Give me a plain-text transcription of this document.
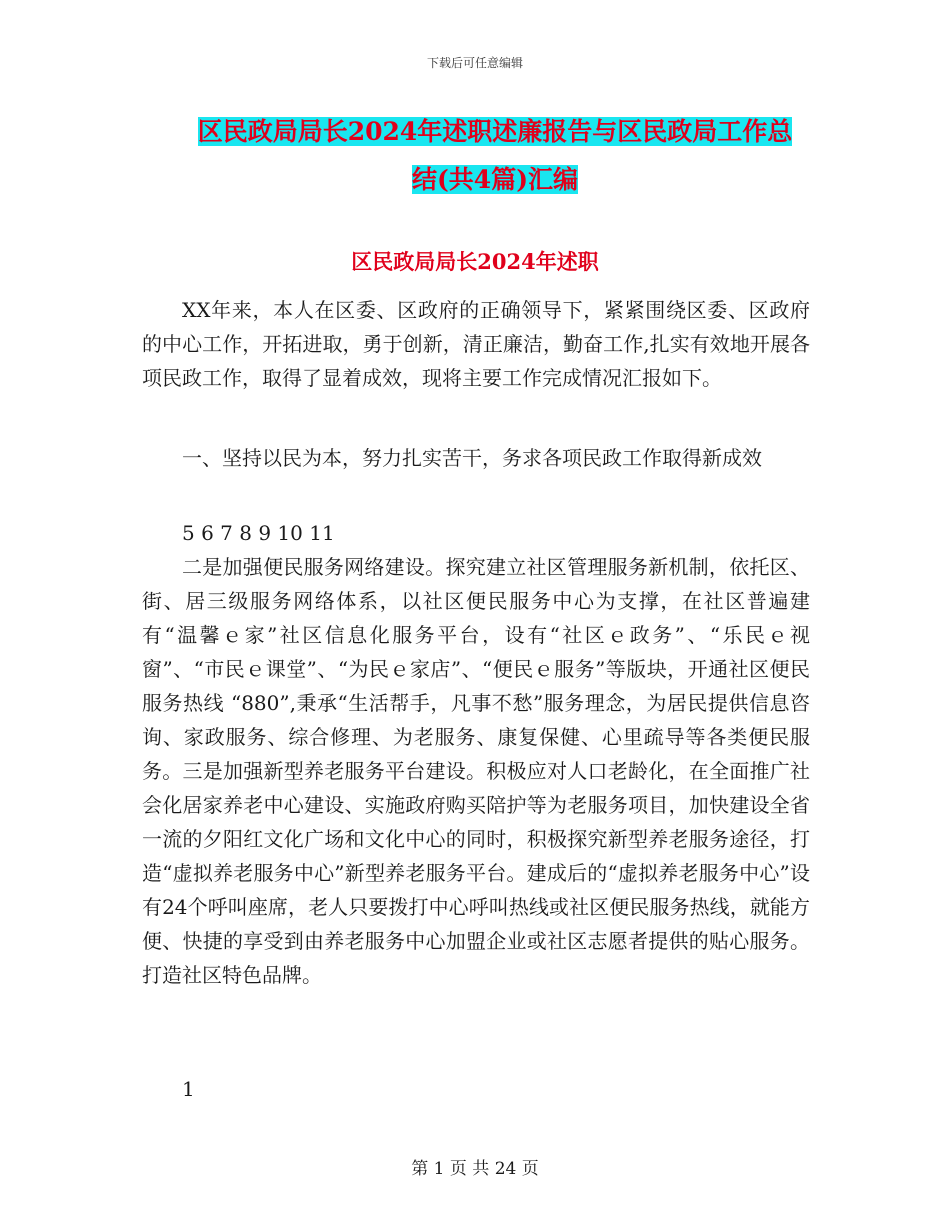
下载后可任意编辑
区民政局局长2024年述职述廉报告与区民政局工作总
结(共4篇)汇编
区民政局局长2024年述职

XX年来，本人在区委、区政府的正确领导下，紧紧围绕区委、区政府的中心工作，开拓进取，勇于创新，清正廉洁，勤奋工作,扎实有效地开展各项民政工作，取得了显着成效，现将主要工作完成情况汇报如下。

一、坚持以民为本，努力扎实苦干，务求各项民政工作取得新成效

5 6 7 8 9 10 11

二是加强便民服务网络建设。探究建立社区管理服务新机制，依托区、街、居三级服务网络体系，以社区便民服务中心为支撑，在社区普遍建有“温馨ｅ家”社区信息化服务平台，设有“社区ｅ政务”、“乐民ｅ视窗”、“市民ｅ课堂”、“为民ｅ家店”、“便民ｅ服务”等版块，开通社区便民服务热线 “880”,秉承“生活帮手，凡事不愁”服务理念，为居民提供信息咨询、家政服务、综合修理、为老服务、康复保健、心里疏导等各类便民服务。三是加强新型养老服务平台建设。积极应对人口老龄化，在全面推广社会化居家养老中心建设、实施政府购买陪护等为老服务项目，加快建设全省一流的夕阳红文化广场和文化中心的同时，积极探究新型养老服务途径，打造“虚拟养老服务中心”新型养老服务平台。建成后的“虚拟养老服务中心”设有24个呼叫座席，老人只要拨打中心呼叫热线或社区便民服务热线，就能方便、快捷的享受到由养老服务中心加盟企业或社区志愿者提供的贴心服务。打造社区特色品牌。

1

第 1 页 共 24 页
